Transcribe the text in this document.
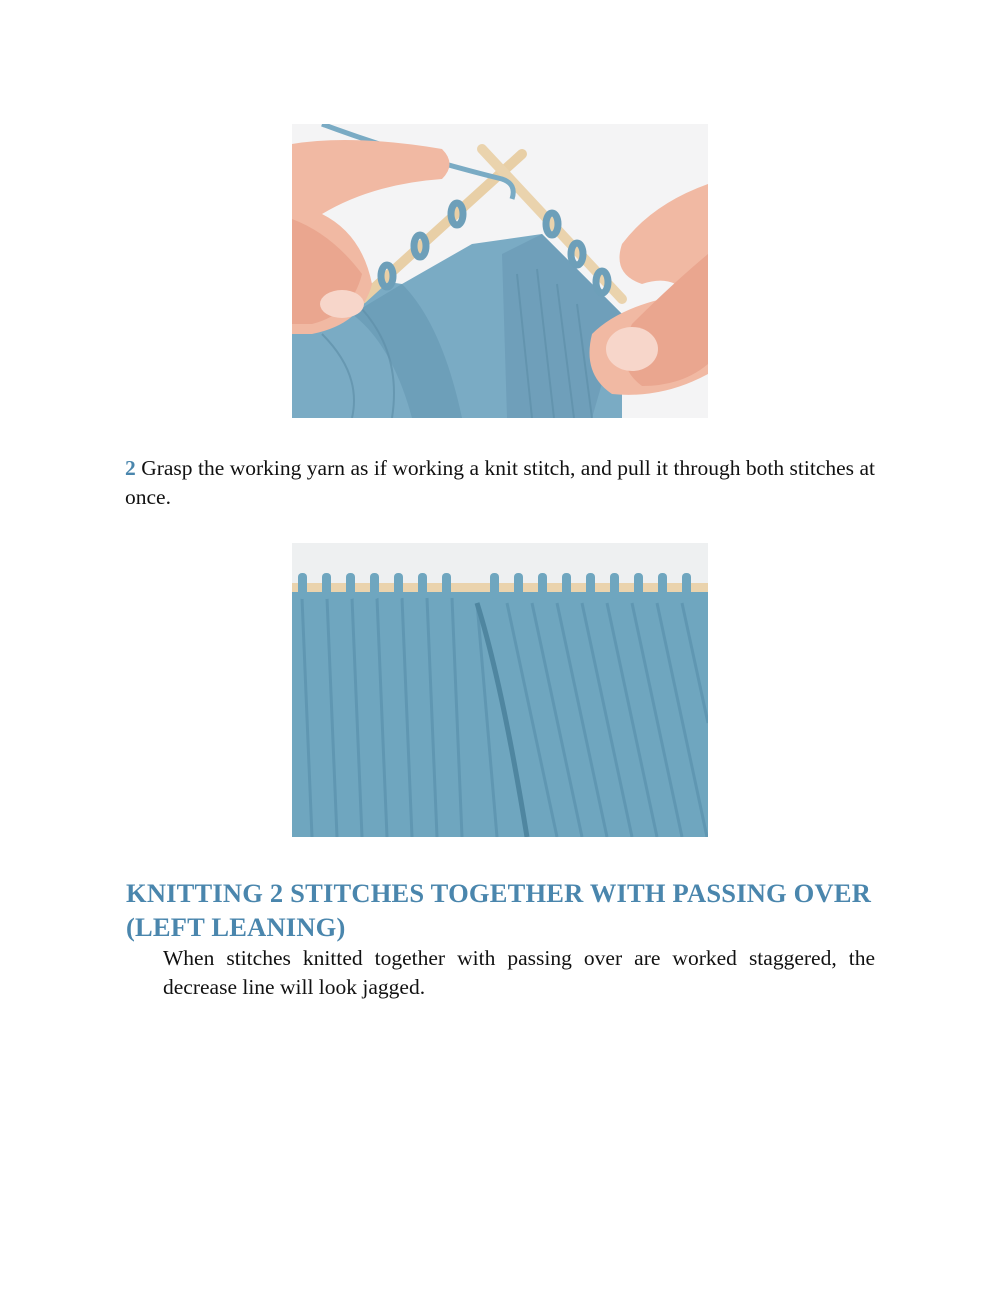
2 Grasp the working yarn as if working a knit stitch, and pull it through both stitches at once.

KNITTING 2 STITCHES TOGETHER WITH PASSING OVER (LEFT LEANING)

When stitches knitted together with passing over are worked staggered, the decrease line will look jagged.
